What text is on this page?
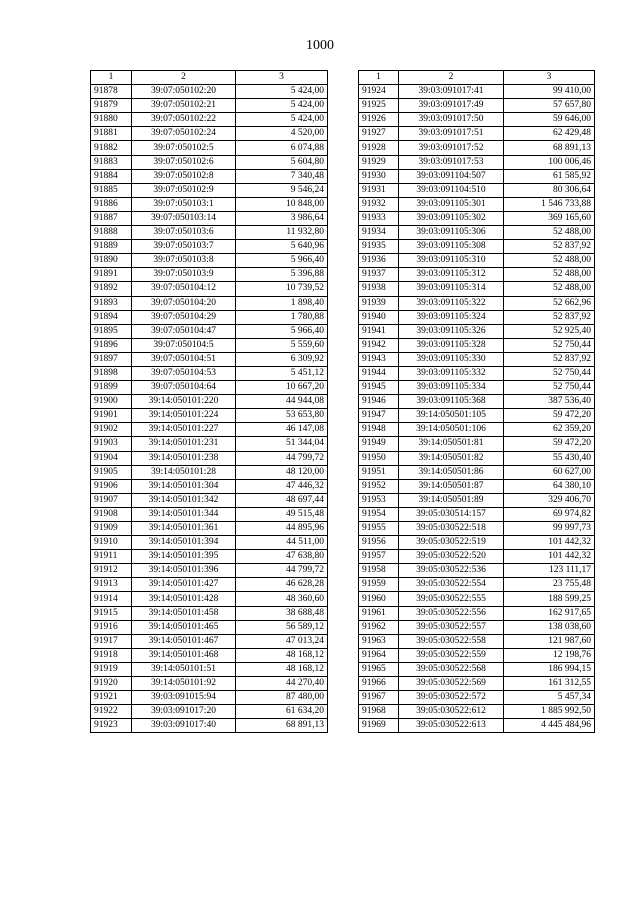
1000
1	2	3
91878	39:07:050102:20	5 424,00
91879	39:07:050102:21	5 424,00
91880	39:07:050102:22	5 424,00
91881	39:07:050102:24	4 520,00
91882	39:07:050102:5	6 074,88
91883	39:07:050102:6	5 604,80
91884	39:07:050102:8	7 340,48
91885	39:07:050102:9	9 546,24
91886	39:07:050103:1	10 848,00
91887	39:07:050103:14	3 986,64
91888	39:07:050103:6	11 932,80
91889	39:07:050103:7	5 640,96
91890	39:07:050103:8	5 966,40
91891	39:07:050103:9	5 396,88
91892	39:07:050104:12	10 739,52
91893	39:07:050104:20	1 898,40
91894	39:07:050104:29	1 780,88
91895	39:07:050104:47	5 966,40
91896	39:07:050104:5	5 559,60
91897	39:07:050104:51	6 309,92
91898	39:07:050104:53	5 451,12
91899	39:07:050104:64	10 667,20
91900	39:14:050101:220	44 944,08
91901	39:14:050101:224	53 653,80
91902	39:14:050101:227	46 147,08
91903	39:14:050101:231	51 344,04
91904	39:14:050101:238	44 799,72
91905	39:14:050101:28	48 120,00
91906	39:14:050101:304	47 446,32
91907	39:14:050101:342	48 697,44
91908	39:14:050101:344	49 515,48
91909	39:14:050101:361	44 895,96
91910	39:14:050101:394	44 511,00
91911	39:14:050101:395	47 638,80
91912	39:14:050101:396	44 799,72
91913	39:14:050101:427	46 628,28
91914	39:14:050101:428	48 360,60
91915	39:14:050101:458	38 688,48
91916	39:14:050101:465	56 589,12
91917	39:14:050101:467	47 013,24
91918	39:14:050101:468	48 168,12
91919	39:14:050101:51	48 168,12
91920	39:14:050101:92	44 270,40
91921	39:03:091015:94	87 480,00
91922	39:03:091017:20	61 634,20
91923	39:03:091017:40	68 891,13
1	2	3
91924	39:03:091017:41	99 410,00
91925	39:03:091017:49	57 657,80
91926	39:03:091017:50	59 646,00
91927	39:03:091017:51	62 429,48
91928	39:03:091017:52	68 891,13
91929	39:03:091017:53	100 006,46
91930	39:03:091104:507	61 585,92
91931	39:03:091104:510	80 306,64
91932	39:03:091105:301	1 546 733,88
91933	39:03:091105:302	369 165,60
91934	39:03:091105:306	52 488,00
91935	39:03:091105:308	52 837,92
91936	39:03:091105:310	52 488,00
91937	39:03:091105:312	52 488,00
91938	39:03:091105:314	52 488,00
91939	39:03:091105:322	52 662,96
91940	39:03:091105:324	52 837,92
91941	39:03:091105:326	52 925,40
91942	39:03:091105:328	52 750,44
91943	39:03:091105:330	52 837,92
91944	39:03:091105:332	52 750,44
91945	39:03:091105:334	52 750,44
91946	39:03:091105:368	387 536,40
91947	39:14:050501:105	59 472,20
91948	39:14:050501:106	62 359,20
91949	39:14:050501:81	59 472,20
91950	39:14:050501:82	55 430,40
91951	39:14:050501:86	60 627,00
91952	39:14:050501:87	64 380,10
91953	39:14:050501:89	329 406,70
91954	39:05:030514:157	69 974,82
91955	39:05:030522:518	99 997,73
91956	39:05:030522:519	101 442,32
91957	39:05:030522:520	101 442,32
91958	39:05:030522:536	123 111,17
91959	39:05:030522:554	23 755,48
91960	39:05:030522:555	188 599,25
91961	39:05:030522:556	162 917,65
91962	39:05:030522:557	138 038,60
91963	39:05:030522:558	121 987,60
91964	39:05:030522:559	12 198,76
91965	39:05:030522:568	186 994,15
91966	39:05:030522:569	161 312,55
91967	39:05:030522:572	5 457,34
91968	39:05:030522:612	1 885 992,50
91969	39:05:030522:613	4 445 484,96
